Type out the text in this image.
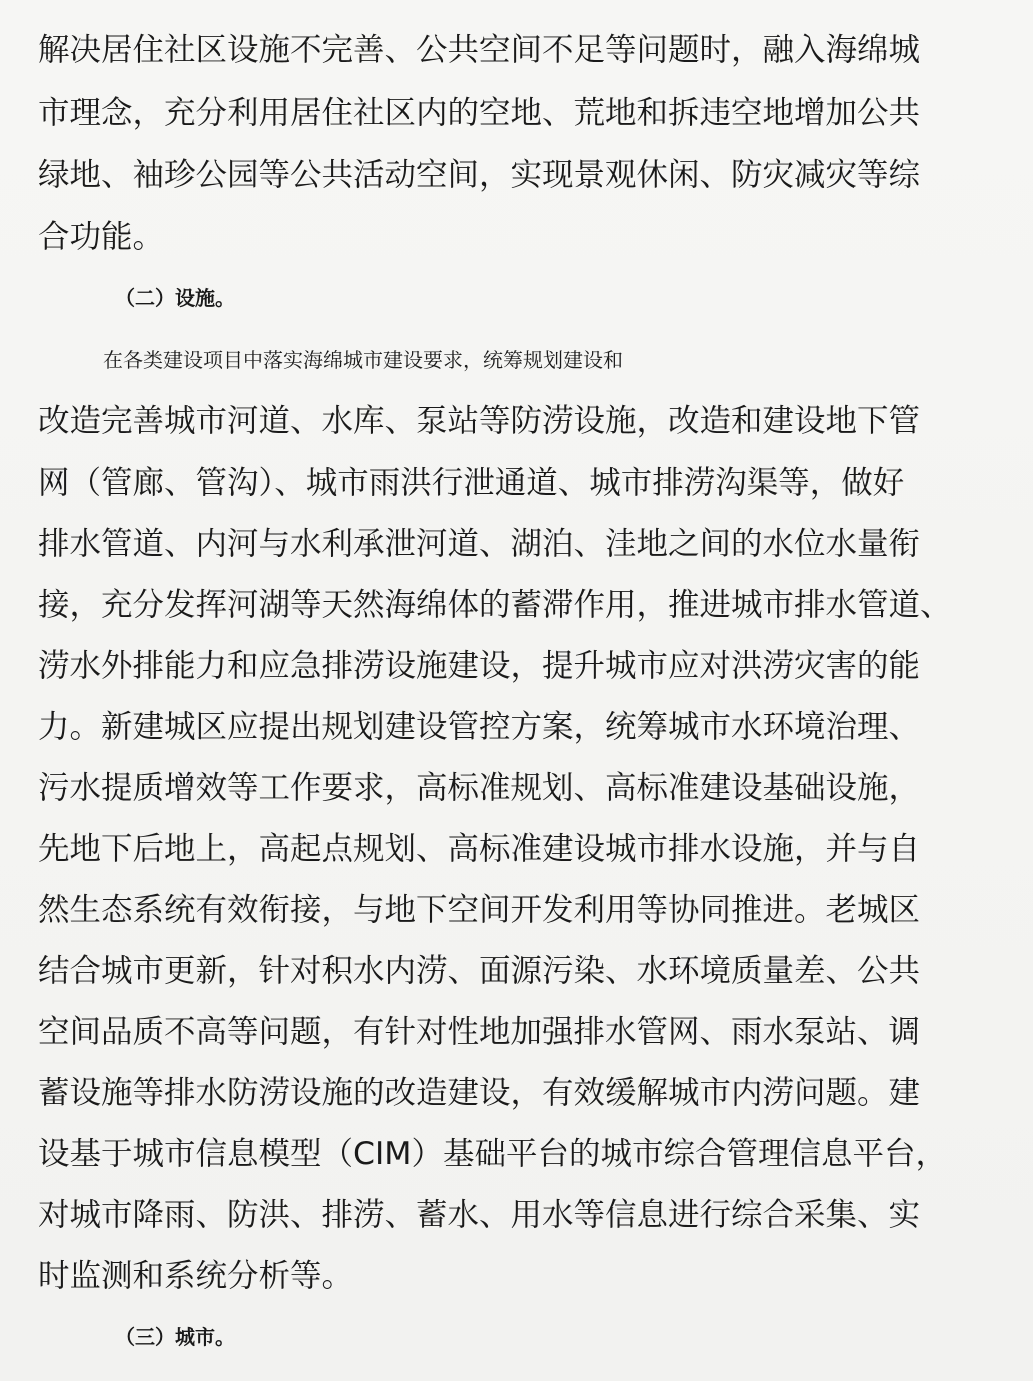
解决居住社区设施不完善、公共空间不足等问题时，融入海绵城
市理念，充分利用居住社区内的空地、荒地和拆违空地增加公共
绿地、袖珍公园等公共活动空间，实现景观休闲、防灾减灾等综
合功能。
（二）设施。
在各类建设项目中落实海绵城市建设要求，统筹规划建设和
改造完善城市河道、水库、泵站等防涝设施，改造和建设地下管
网（管廊、管沟）、城市雨洪行泄通道、城市排涝沟渠等，做好
排水管道、内河与水利承泄河道、湖泊、洼地之间的水位水量衔
接，充分发挥河湖等天然海绵体的蓄滞作用，推进城市排水管道、
涝水外排能力和应急排涝设施建设，提升城市应对洪涝灾害的能
力。新建城区应提出规划建设管控方案，统筹城市水环境治理、
污水提质增效等工作要求，高标准规划、高标准建设基础设施，
先地下后地上，高起点规划、高标准建设城市排水设施，并与自
然生态系统有效衔接，与地下空间开发利用等协同推进。老城区
结合城市更新，针对积水内涝、面源污染、水环境质量差、公共
空间品质不高等问题，有针对性地加强排水管网、雨水泵站、调
蓄设施等排水防涝设施的改造建设，有效缓解城市内涝问题。建
设基于城市信息模型（CIM）基础平台的城市综合管理信息平台，
对城市降雨、防洪、排涝、蓄水、用水等信息进行综合采集、实
时监测和系统分析等。
（三）城市。
